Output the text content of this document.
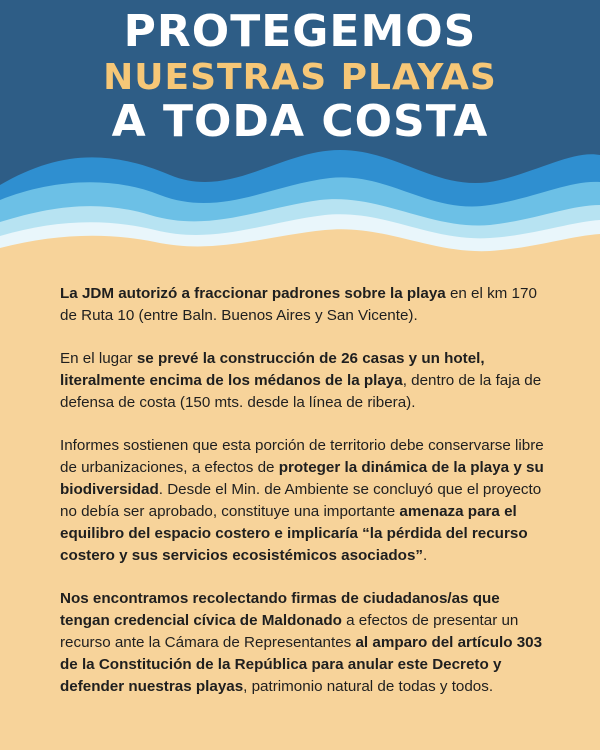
PROTEGEMOS
NUESTRAS PLAYAS
A TODA COSTA

La JDM autorizó a fraccionar padrones sobre la playa en el km 170 de Ruta 10 (entre Baln. Buenos Aires y San Vicente).

En el lugar se prevé la construcción de 26 casas y un hotel, literalmente encima de los médanos de la playa, dentro de la faja de defensa de costa (150 mts. desde la línea de ribera).

Informes sostienen que esta porción de territorio debe conservarse libre de urbanizaciones, a efectos de proteger la dinámica de la playa y su biodiversidad. Desde el Min. de Ambiente se concluyó que el proyecto no debía ser aprobado, constituye una importante amenaza para el equilibro del espacio costero e implicaría “la pérdida del recurso costero y sus servicios ecosistémicos asociados”.

Nos encontramos recolectando firmas de ciudadanos/as que tengan credencial cívica de Maldonado a efectos de presentar un recurso ante la Cámara de Representantes al amparo del artículo 303 de la Constitución de la República para anular este Decreto y defender nuestras playas, patrimonio natural de todas y todos.
